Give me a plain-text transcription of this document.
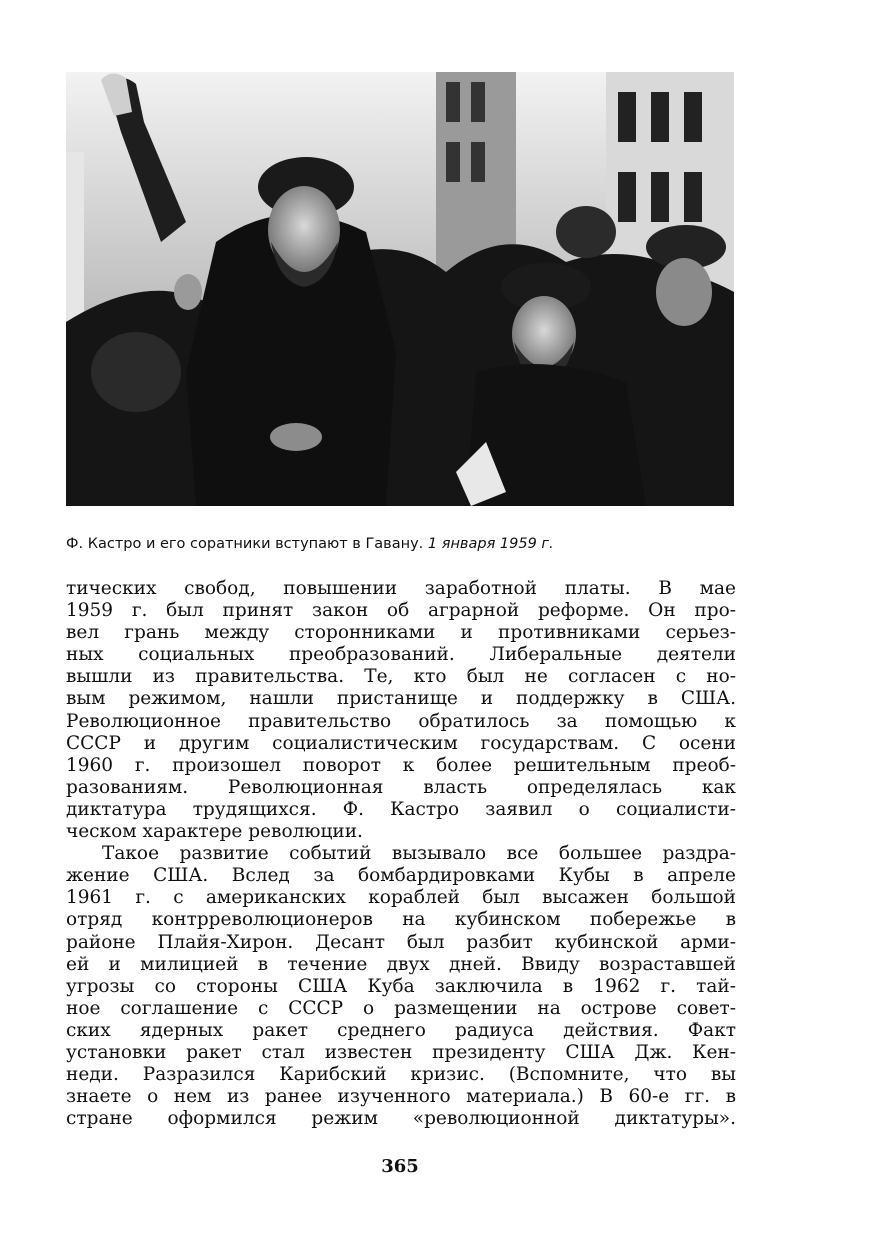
Ф. Кастро и его соратники вступают в Гавану. 1 января 1959 г.
тических свобод, повышении заработной платы. В мае
1959 г. был принят закон об аграрной реформе. Он про-
вел грань между сторонниками и противниками серьез-
ных социальных преобразований. Либеральные деятели
вышли из правительства. Те, кто был не согласен с но-
вым режимом, нашли пристанище и поддержку в США.
Революционное правительство обратилось за помощью к
СССР и другим социалистическим государствам. С осени
1960 г. произошел поворот к более решительным преоб-
разованиям. Революционная власть определялась как
диктатура трудящихся. Ф. Кастро заявил о социалисти-
ческом характере революции.
Такое развитие событий вызывало все большее раздра-
жение США. Вслед за бомбардировками Кубы в апреле
1961 г. с американских кораблей был высажен большой
отряд контрреволюционеров на кубинском побережье в
районе Плайя-Хирон. Десант был разбит кубинской арми-
ей и милицией в течение двух дней. Ввиду возраставшей
угрозы со стороны США Куба заключила в 1962 г. тай-
ное соглашение с СССР о размещении на острове совет-
ских ядерных ракет среднего радиуса действия. Факт
установки ракет стал известен президенту США Дж. Кен-
неди. Разразился Карибский кризис. (Вспомните, что вы
знаете о нем из ранее изученного материала.) В 60-е гг. в
стране оформился режим «революционной диктатуры».
365
